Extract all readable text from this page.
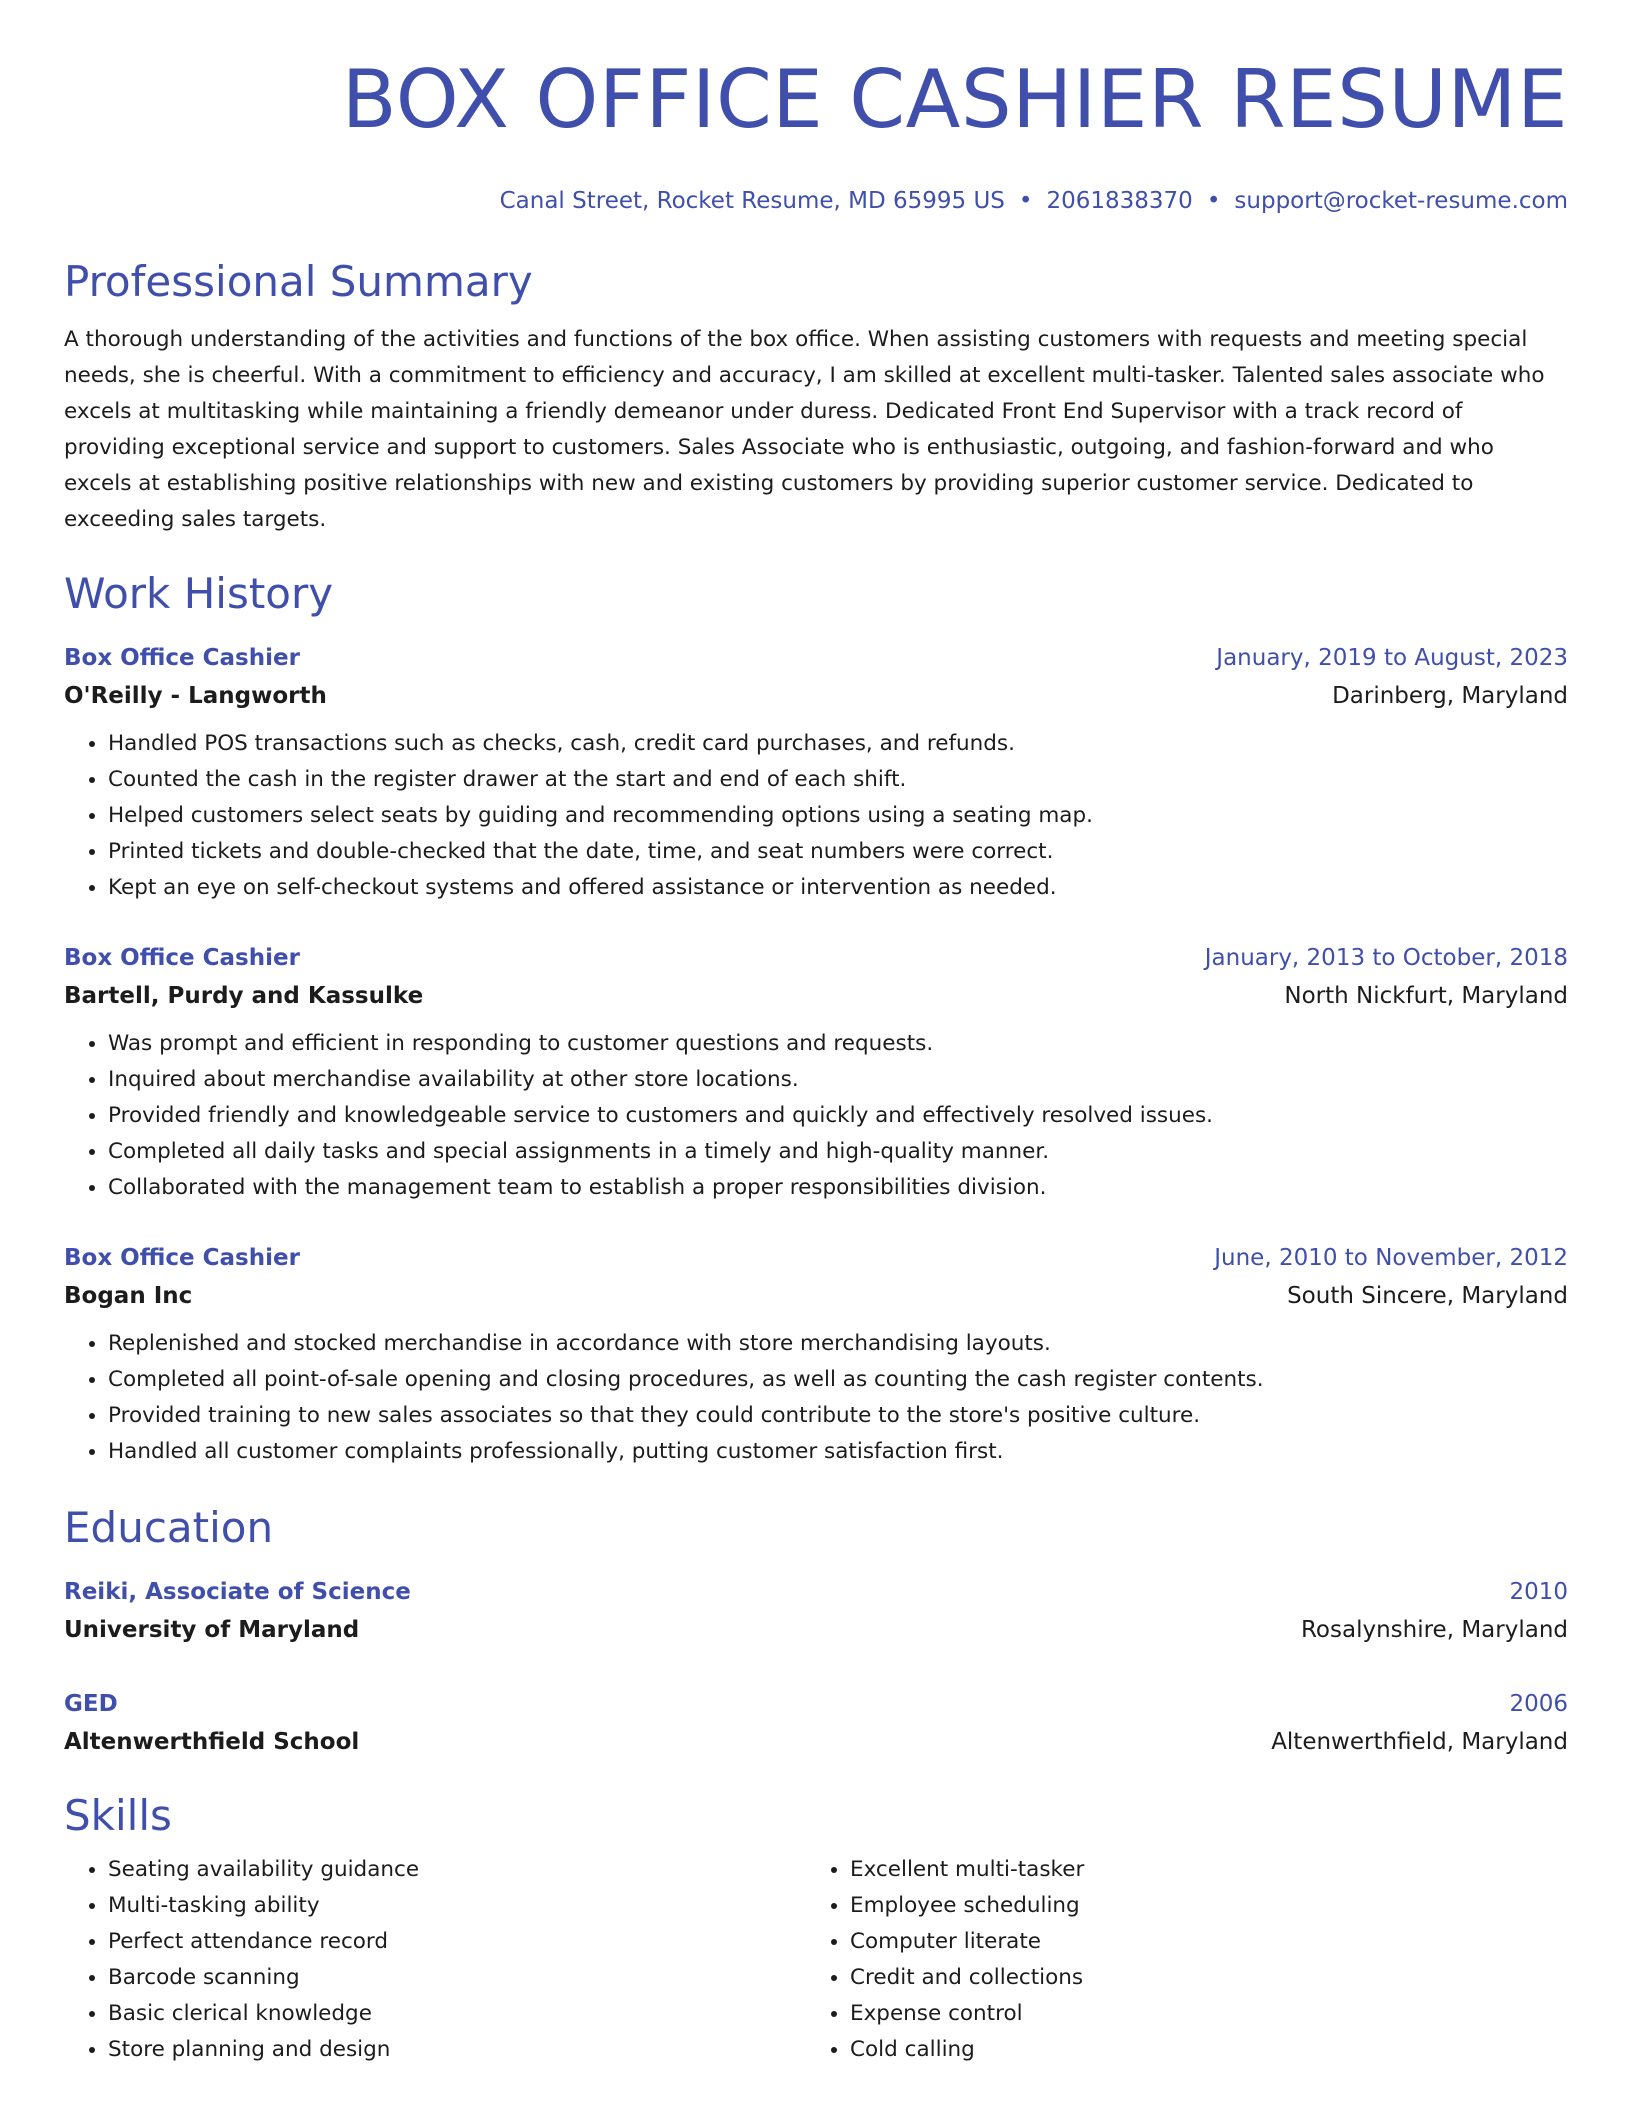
BOX OFFICE CASHIER RESUME
Canal Street, Rocket Resume, MD 65995 US • 2061838370 • support@rocket-resume.com
Professional Summary
A thorough understanding of the activities and functions of the box office. When assisting customers with requests and meeting special needs, she is cheerful. With a commitment to efficiency and accuracy, I am skilled at excellent multi-tasker. Talented sales associate who excels at multitasking while maintaining a friendly demeanor under duress. Dedicated Front End Supervisor with a track record of providing exceptional service and support to customers. Sales Associate who is enthusiastic, outgoing, and fashion-forward and who excels at establishing positive relationships with new and existing customers by providing superior customer service. Dedicated to exceeding sales targets.
Work History
Box Office Cashier	January, 2019 to August, 2023
O'Reilly - Langworth	Darinberg, Maryland
• Handled POS transactions such as checks, cash, credit card purchases, and refunds.
• Counted the cash in the register drawer at the start and end of each shift.
• Helped customers select seats by guiding and recommending options using a seating map.
• Printed tickets and double-checked that the date, time, and seat numbers were correct.
• Kept an eye on self-checkout systems and offered assistance or intervention as needed.
Box Office Cashier	January, 2013 to October, 2018
Bartell, Purdy and Kassulke	North Nickfurt, Maryland
• Was prompt and efficient in responding to customer questions and requests.
• Inquired about merchandise availability at other store locations.
• Provided friendly and knowledgeable service to customers and quickly and effectively resolved issues.
• Completed all daily tasks and special assignments in a timely and high-quality manner.
• Collaborated with the management team to establish a proper responsibilities division.
Box Office Cashier	June, 2010 to November, 2012
Bogan Inc	South Sincere, Maryland
• Replenished and stocked merchandise in accordance with store merchandising layouts.
• Completed all point-of-sale opening and closing procedures, as well as counting the cash register contents.
• Provided training to new sales associates so that they could contribute to the store's positive culture.
• Handled all customer complaints professionally, putting customer satisfaction first.
Education
Reiki, Associate of Science	2010
University of Maryland	Rosalynshire, Maryland
GED	2006
Altenwerthfield School	Altenwerthfield, Maryland
Skills
• Seating availability guidance
• Multi-tasking ability
• Perfect attendance record
• Barcode scanning
• Basic clerical knowledge
• Store planning and design
• Excellent multi-tasker
• Employee scheduling
• Computer literate
• Credit and collections
• Expense control
• Cold calling
